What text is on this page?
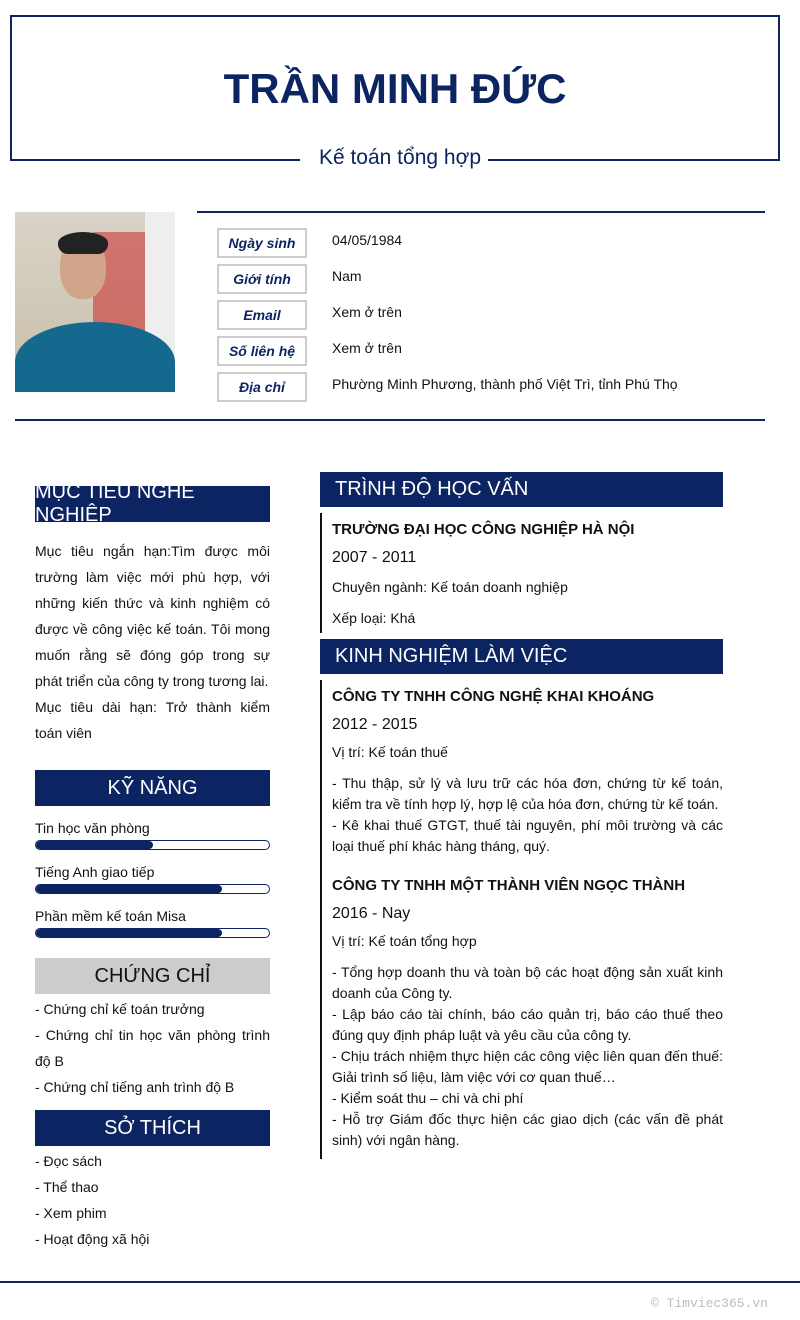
TRẦN MINH ĐỨC
Kế toán tổng hợp
Ngày sinh	04/05/1984
Giới tính	Nam
Email	Xem ở trên
Số liên hệ	Xem ở trên
Địa chỉ	Phường Minh Phương, thành phố Việt Trì, tỉnh Phú Thọ
MỤC TIÊU NGHỀ NGHIỆP
Mục tiêu ngắn hạn:Tìm được môi trường làm việc mới phù hợp, với những kiến thức và kinh nghiệm có được về công việc kế toán. Tôi mong muốn rằng sẽ đóng góp trong sự phát triển của công ty trong tương lai.
Mục tiêu dài hạn: Trở thành kiểm toán viên
KỸ NĂNG
Tin học văn phòng
Tiếng Anh giao tiếp
Phần mềm kế toán Misa
CHỨNG CHỈ
- Chứng chỉ kế toán trưởng
- Chứng chỉ tin học văn phòng trình độ B
- Chứng chỉ tiếng anh trình độ B
SỞ THÍCH
- Đọc sách
- Thể thao
- Xem phim
- Hoạt động xã hội
TRÌNH ĐỘ HỌC VẤN
TRƯỜNG ĐẠI HỌC CÔNG NGHIỆP HÀ NỘI
2007 - 2011
Chuyên ngành: Kế toán doanh nghiệp
Xếp loại: Khá
KINH NGHIỆM LÀM VIỆC
CÔNG TY TNHH CÔNG NGHỆ KHAI KHOÁNG
2012 - 2015
Vị trí: Kế toán thuế
- Thu thập, sử lý và lưu trữ các hóa đơn, chứng từ kế toán, kiểm tra về tính hợp lý, hợp lệ của hóa đơn, chứng từ kế toán.
- Kê khai thuế GTGT, thuế tài nguyên, phí môi trường và các loại thuế phí khác hàng tháng, quý.
CÔNG TY TNHH MỘT THÀNH VIÊN NGỌC THÀNH
2016 - Nay
Vị trí: Kế toán tổng hợp
- Tổng hợp doanh thu và toàn bộ các hoạt động sản xuất kinh doanh của Công ty.
- Lập báo cáo tài chính, báo cáo quản trị, báo cáo thuế theo đúng quy định pháp luật và yêu cầu của công ty.
- Chịu trách nhiệm thực hiện các công việc liên quan đến thuế: Giải trình số liệu, làm việc với cơ quan thuế…
- Kiểm soát thu – chi và chi phí
- Hỗ trợ Giám đốc thực hiện các giao dịch (các vấn đề phát sinh) với ngân hàng.
© Timviec365.vn
